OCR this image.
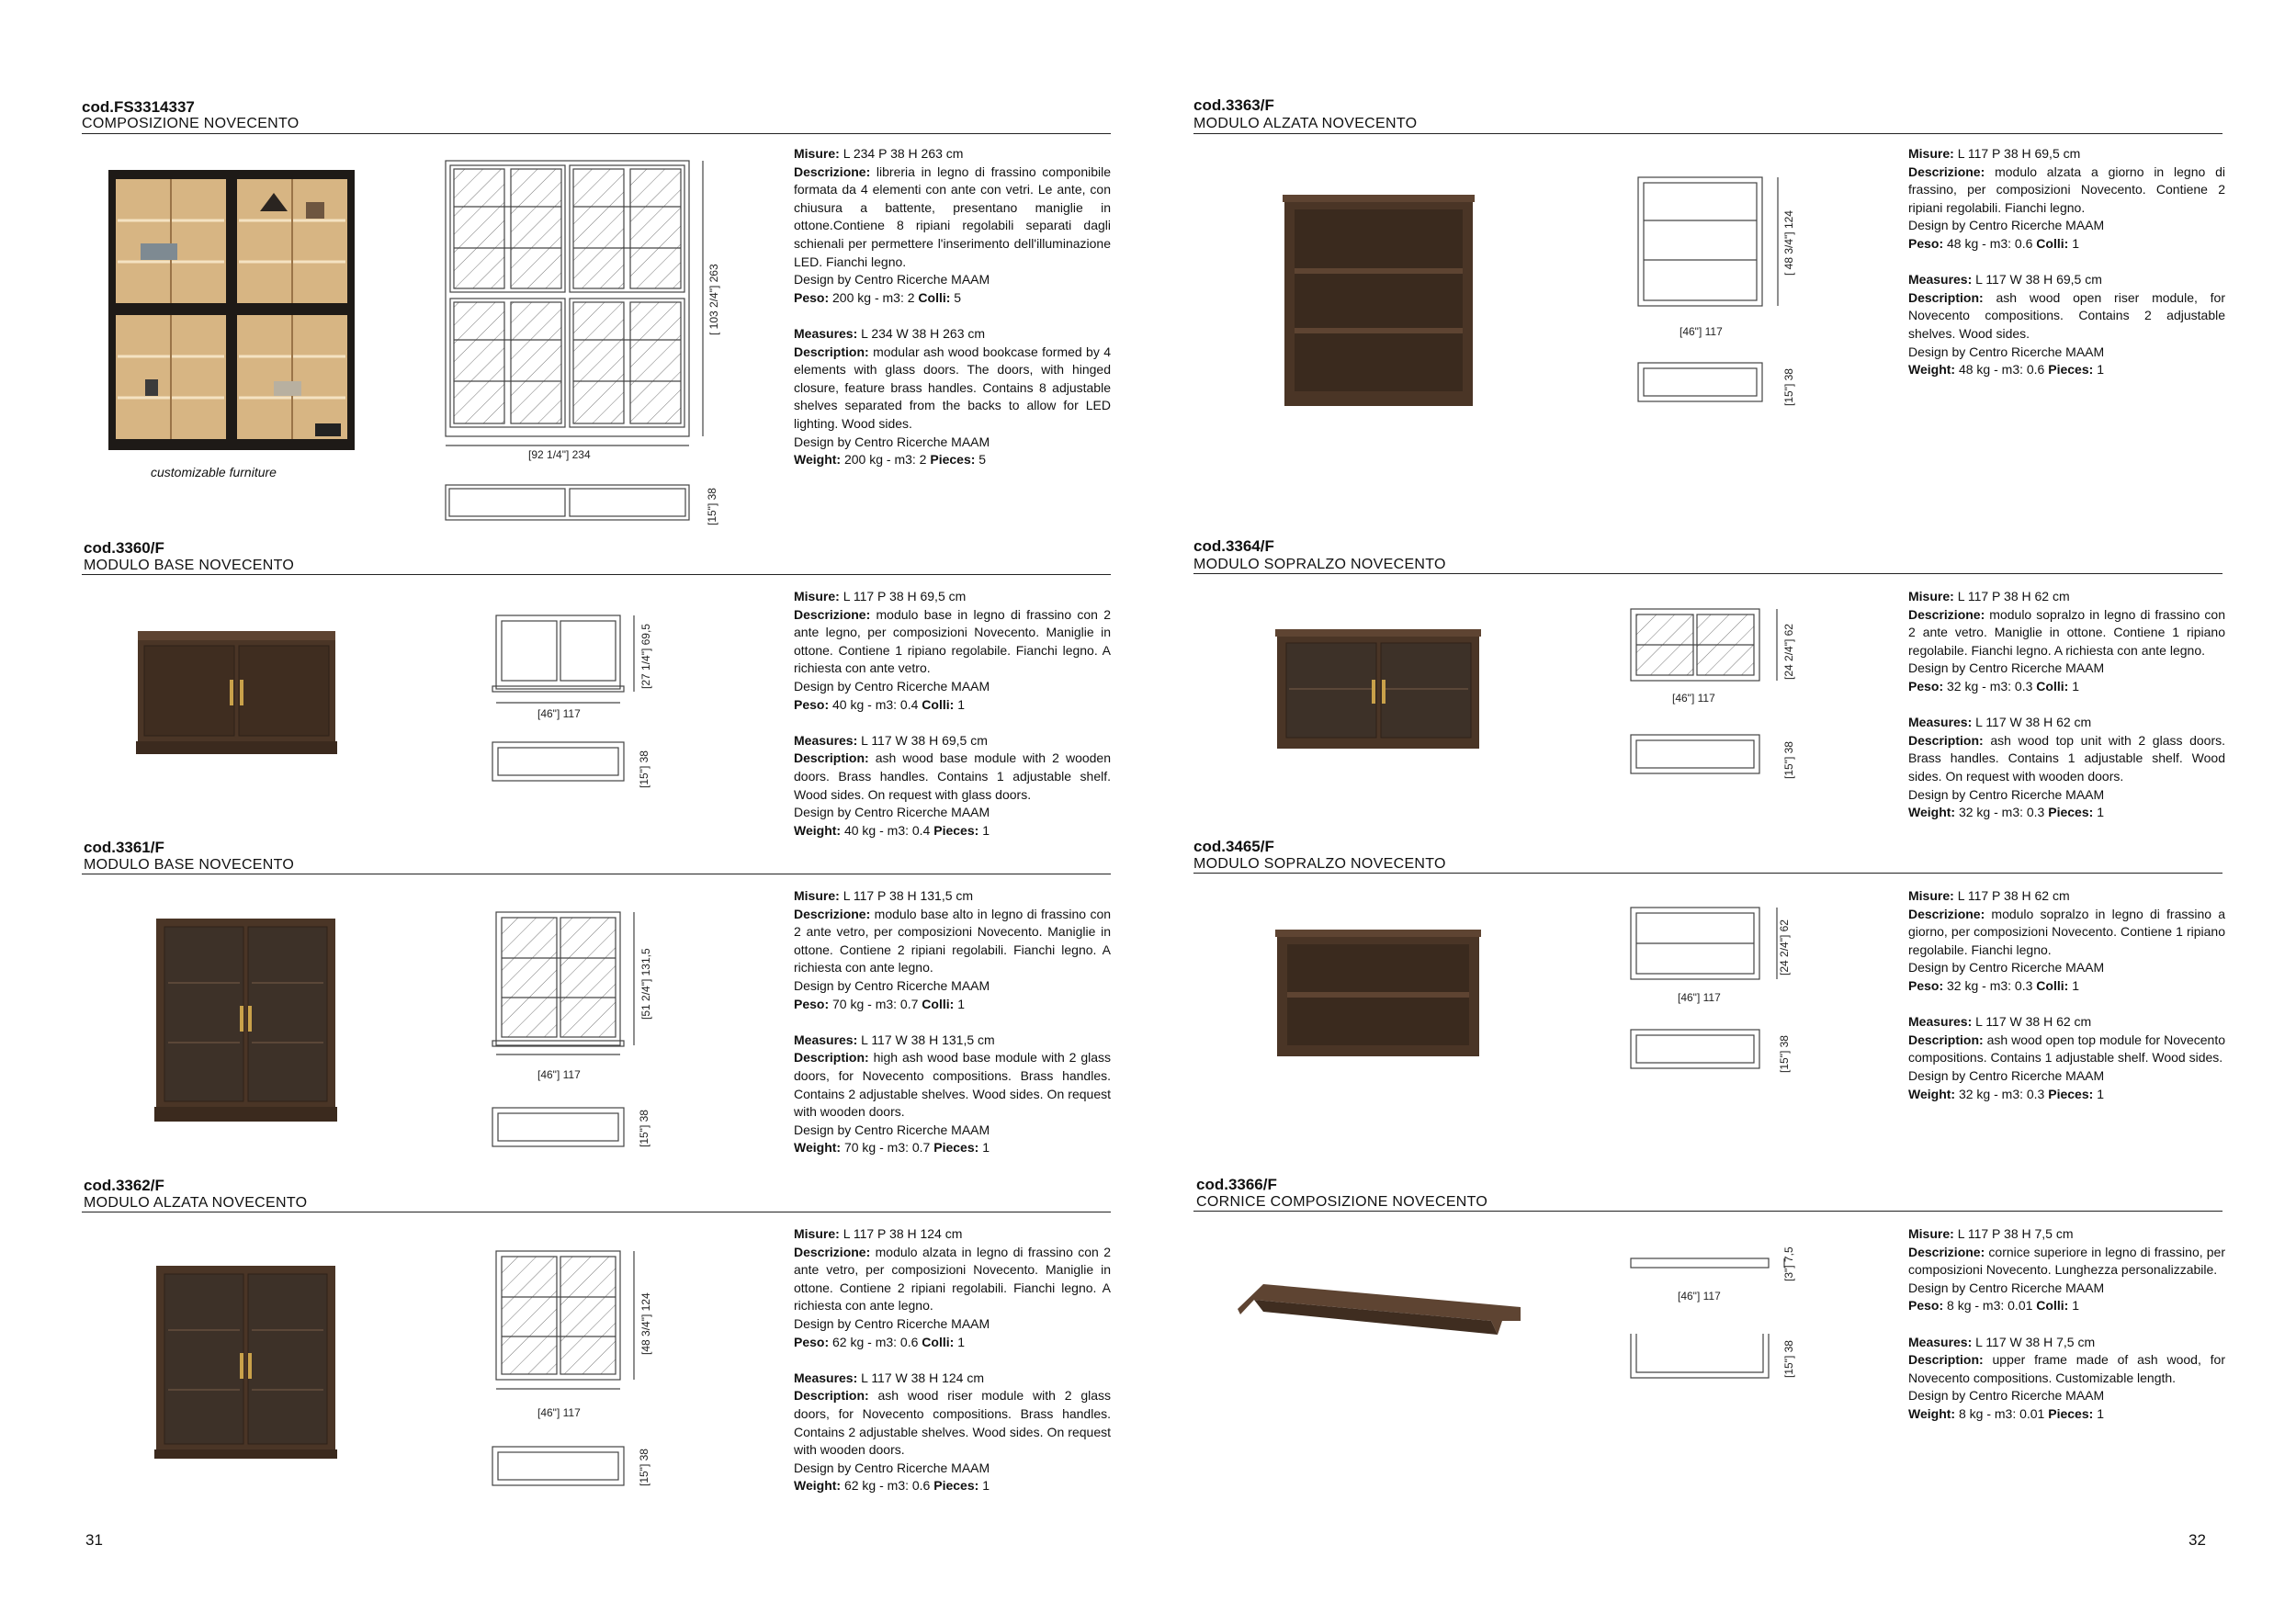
cod.FS3314337
COMPOSIZIONE NOVECENTO
customizable furniture
[92 1/4"] 234
[ 103 2/4"] 263
[15"] 38

Misure: L 234 P 38 H 263 cm

Descrizione: libreria in legno di frassino componibile formata da 4 elementi con ante con vetri. Le ante, con chiusura a battente, presentano maniglie in ottone.Contiene 8 ripiani regolabili separati dagli schienali per permettere l'inserimento dell'illuminazione LED. Fianchi legno.

Design by Centro Ricerche MAAM

Peso: 200 kg - m3: 2 Colli: 5

Measures: L 234 W 38 H 263 cm

Description: modular ash wood bookcase formed by 4 elements with glass doors. The doors, with hinged closure, feature brass handles. Contains 8 adjustable shelves separated from the backs to allow for LED lighting. Wood sides.

Design by Centro Ricerche MAAM

Weight: 200 kg - m3: 2 Pieces: 5

cod.3360/F
MODULO BASE NOVECENTO
[46"] 117
[27 1/4"] 69,5
[15"] 38

Misure: L 117 P 38 H 69,5 cm

Descrizione: modulo base in legno di frassino con 2 ante legno, per composizioni Novecento. Maniglie in ottone. Contiene 1 ripiano regolabile. Fianchi legno. A richiesta con ante vetro.

Design by Centro Ricerche MAAM

Peso: 40 kg - m3: 0.4 Colli: 1

Measures: L 117 W 38 H 69,5 cm

Description: ash wood base module with 2 wooden doors. Brass handles. Contains 1 adjustable shelf. Wood sides. On request with glass doors.

Design by Centro Ricerche MAAM

Weight: 40 kg - m3: 0.4 Pieces: 1

cod.3361/F
MODULO BASE NOVECENTO
[46"] 117
[51 2/4"] 131,5
[15"] 38

Misure: L 117 P 38 H 131,5 cm

Descrizione: modulo base alto in legno di frassino con 2 ante vetro, per composizioni Novecento. Maniglie in ottone. Contiene 2 ripiani regolabili. Fianchi legno. A richiesta con ante legno.

Design by Centro Ricerche MAAM

Peso: 70 kg - m3: 0.7 Colli: 1

Measures: L 117 W 38 H 131,5 cm

Description: high ash wood base module with 2 glass doors, for Novecento compositions. Brass handles. Contains 2 adjustable shelves. Wood sides. On request with wooden doors.

Design by Centro Ricerche MAAM

Weight: 70 kg - m3: 0.7 Pieces: 1

cod.3362/F
MODULO ALZATA NOVECENTO
[46"] 117
[48 3/4"] 124
[15"] 38

Misure: L 117 P 38 H 124 cm

Descrizione: modulo alzata in legno di frassino con 2 ante vetro, per composizioni Novecento. Maniglie in ottone. Contiene 2 ripiani regolabili. Fianchi legno. A richiesta con ante legno.

Design by Centro Ricerche MAAM

Peso: 62 kg - m3: 0.6 Colli: 1

Measures: L 117 W 38 H 124 cm

Description: ash wood riser module with 2 glass doors, for Novecento compositions. Brass handles. Contains 2 adjustable shelves. Wood sides. On request with wooden doors.

Design by Centro Ricerche MAAM

Weight: 62 kg - m3: 0.6 Pieces: 1

cod.3363/F
MODULO ALZATA NOVECENTO
[46"] 117
[ 48 3/4"] 124
[15"] 38

Misure: L 117 P 38 H 69,5 cm

Descrizione: modulo alzata a giorno in legno di frassino, per composizioni Novecento. Contiene 2 ripiani regolabili. Fianchi legno.

Design by Centro Ricerche MAAM

Peso: 48 kg - m3: 0.6 Colli: 1

Measures: L 117 W 38 H 69,5 cm

Description: ash wood open riser module, for Novecento compositions. Contains 2 adjustable shelves. Wood sides.

Design by Centro Ricerche MAAM

Weight: 48 kg - m3: 0.6 Pieces: 1

cod.3364/F
MODULO SOPRALZO NOVECENTO
[46"] 117
[24 2/4"] 62
[15"] 38

Misure: L 117 P 38 H 62 cm

Descrizione: modulo sopralzo in legno di frassino con 2 ante vetro. Maniglie in ottone. Contiene 1 ripiano regolabile. Fianchi legno. A richiesta con ante legno.

Design by Centro Ricerche MAAM

Peso: 32 kg - m3: 0.3 Colli: 1

Measures: L 117 W 38 H 62 cm

Description: ash wood top unit with 2 glass doors. Brass handles. Contains 1 adjustable shelf. Wood sides. On request with wooden doors.

Design by Centro Ricerche MAAM

Weight: 32 kg - m3: 0.3 Pieces: 1

cod.3465/F
MODULO SOPRALZO NOVECENTO
[46"] 117
[24 2/4"] 62
[15"] 38

Misure: L 117 P 38 H 62 cm

Descrizione: modulo sopralzo in legno di frassino a giorno, per composizioni Novecento. Contiene 1 ripiano regolabile. Fianchi legno.

Design by Centro Ricerche MAAM

Peso: 32 kg - m3: 0.3 Colli: 1

Measures: L 117 W 38 H 62 cm

Description: ash wood open top module for Novecento compositions. Contains 1 adjustable shelf. Wood sides.

Design by Centro Ricerche MAAM

Weight: 32 kg - m3: 0.3 Pieces: 1

cod.3366/F
CORNICE COMPOSIZIONE NOVECENTO
[46"] 117
[3"] 7,5
[15"] 38

Misure: L 117 P 38 H 7,5 cm

Descrizione: cornice superiore in legno di frassino, per composizioni Novecento. Lunghezza personalizzabile.

Design by Centro Ricerche MAAM

Peso: 8 kg - m3: 0.01 Colli: 1

Measures: L 117 W 38 H 7,5 cm

Description: upper frame made of ash wood, for Novecento compositions. Customizable length.

Design by Centro Ricerche MAAM

Weight: 8 kg - m3: 0.01 Pieces: 1

31	32
